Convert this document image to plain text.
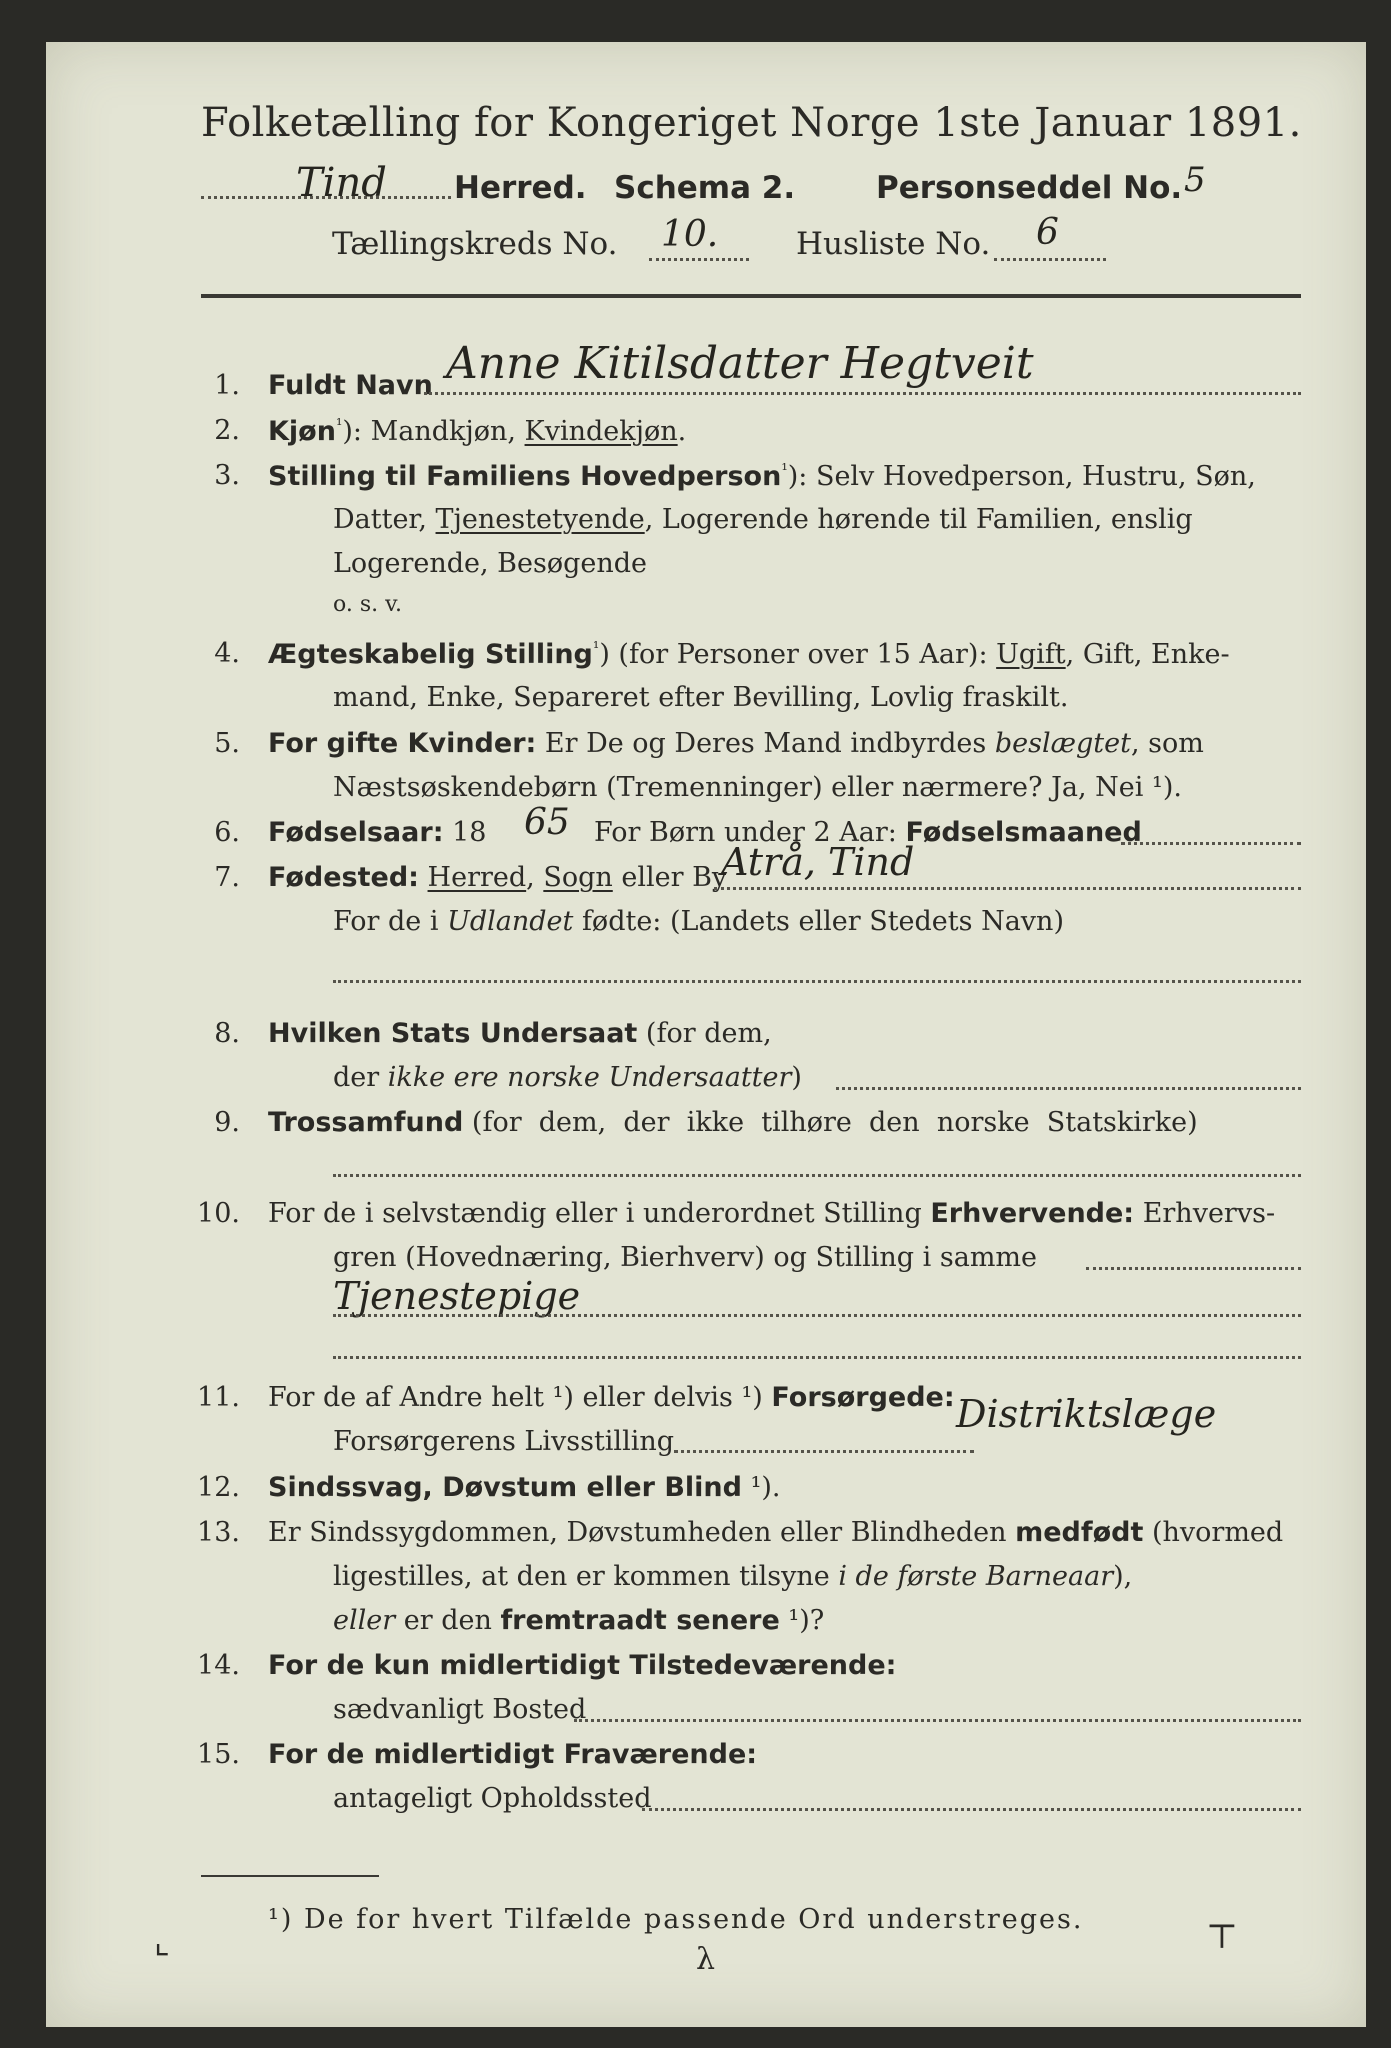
Folketælling for Kongeriget Norge 1ste Januar 1891.
Tind Herred. Schema 2.	Personseddel No. 5
Tællingskreds No. 10.	Husliste No. 6
1. Fuldt Navn Anne Kitilsdatter Hegtveit
2. Kjøn$^{^1}$): Mandkjøn, Kvindekjøn.
3. Stilling til Familiens Hovedperson$^{^1}$): Selv Hovedperson, Hustru, Søn,
Datter, Tjenestetyende, Logerende hørende til Familien, enslig
Logerende, Besøgende
o. s. v.
4. Ægteskabelig Stilling$^{^1}$) (for Personer over 15 Aar): Ugift, Gift, Enke-
mand, Enke, Separeret efter Bevilling, Lovlig fraskilt.
5. For gifte Kvinder: Er De og Deres Mand indbyrdes beslægtet, som
Næstsøskendebørn (Tremenninger) eller nærmere? Ja, Nei ¹).
6. Fødselsaar: 18 65 For Børn under 2 Aar: Fødselsmaaned
7. Fødested: Herred, Sogn eller By
Atrå, Tind
For de i Udlandet fødte: (Landets eller Stedets Navn)
8. Hvilken Stats Undersaat (for dem,
der ikke ere norske Undersaatter)
9. Trossamfund (for  dem,  der  ikke  tilhøre  den  norske  Statskirke)
10. For de i selvstændig eller i underordnet Stilling Erhvervende: Erhvervs-
gren (Hovednæring, Bierhverv) og Stilling i samme
Tjenestepige
11. For de af Andre helt ¹) eller delvis ¹) Forsørgede:
Forsørgerens Livsstilling
Distriktslæge
12. Sindssvag, Døvstum eller Blind ¹).
13. Er Sindssygdommen, Døvstumheden eller Blindheden medfødt (hvormed
ligestilles, at den er kommen tilsyne i de første Barneaar),
eller er den fremtraadt senere ¹)?
14. For de kun midlertidigt Tilstedeværende:
sædvanligt Bosted
15. For de midlertidigt Fraværende:
antageligt Opholdssted
¹) De for hvert Tilfælde passende Ord understreges.
⌞	λ
⊤
